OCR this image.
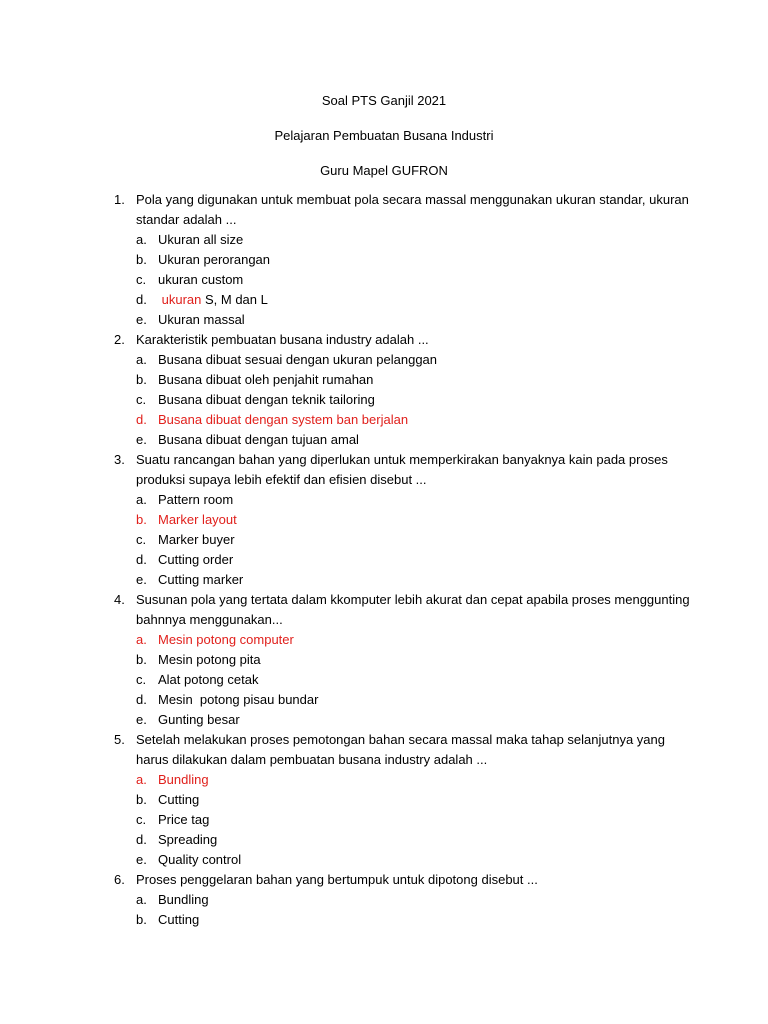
Soal PTS Ganjil 2021
Pelajaran Pembuatan Busana Industri
Guru Mapel GUFRON
1. Pola yang digunakan untuk membuat pola secara massal menggunakan ukuran standar, ukuran standar adalah ...
a. Ukuran all size
b. Ukuran perorangan
c. ukuran custom
d. ukuran S, M dan L
e. Ukuran massal
2. Karakteristik pembuatan busana industry adalah ...
a. Busana dibuat sesuai dengan ukuran pelanggan
b. Busana dibuat oleh penjahit rumahan
c. Busana dibuat dengan teknik tailoring
d. Busana dibuat dengan system ban berjalan
e. Busana dibuat dengan tujuan amal
3. Suatu rancangan bahan yang diperlukan untuk memperkirakan banyaknya kain pada proses produksi supaya lebih efektif dan efisien disebut ...
a. Pattern room
b. Marker layout
c. Marker buyer
d. Cutting order
e. Cutting marker
4. Susunan pola yang tertata dalam kkomputer lebih akurat dan cepat apabila proses menggunting bahnnya menggunakan...
a. Mesin potong computer
b. Mesin potong pita
c. Alat potong cetak
d. Mesin  potong pisau bundar
e. Gunting besar
5. Setelah melakukan proses pemotongan bahan secara massal maka tahap selanjutnya yang harus dilakukan dalam pembuatan busana industry adalah ...
a. Bundling
b. Cutting
c. Price tag
d. Spreading
e. Quality control
6. Proses penggelaran bahan yang bertumpuk untuk dipotong disebut ...
a. Bundling
b. Cutting
